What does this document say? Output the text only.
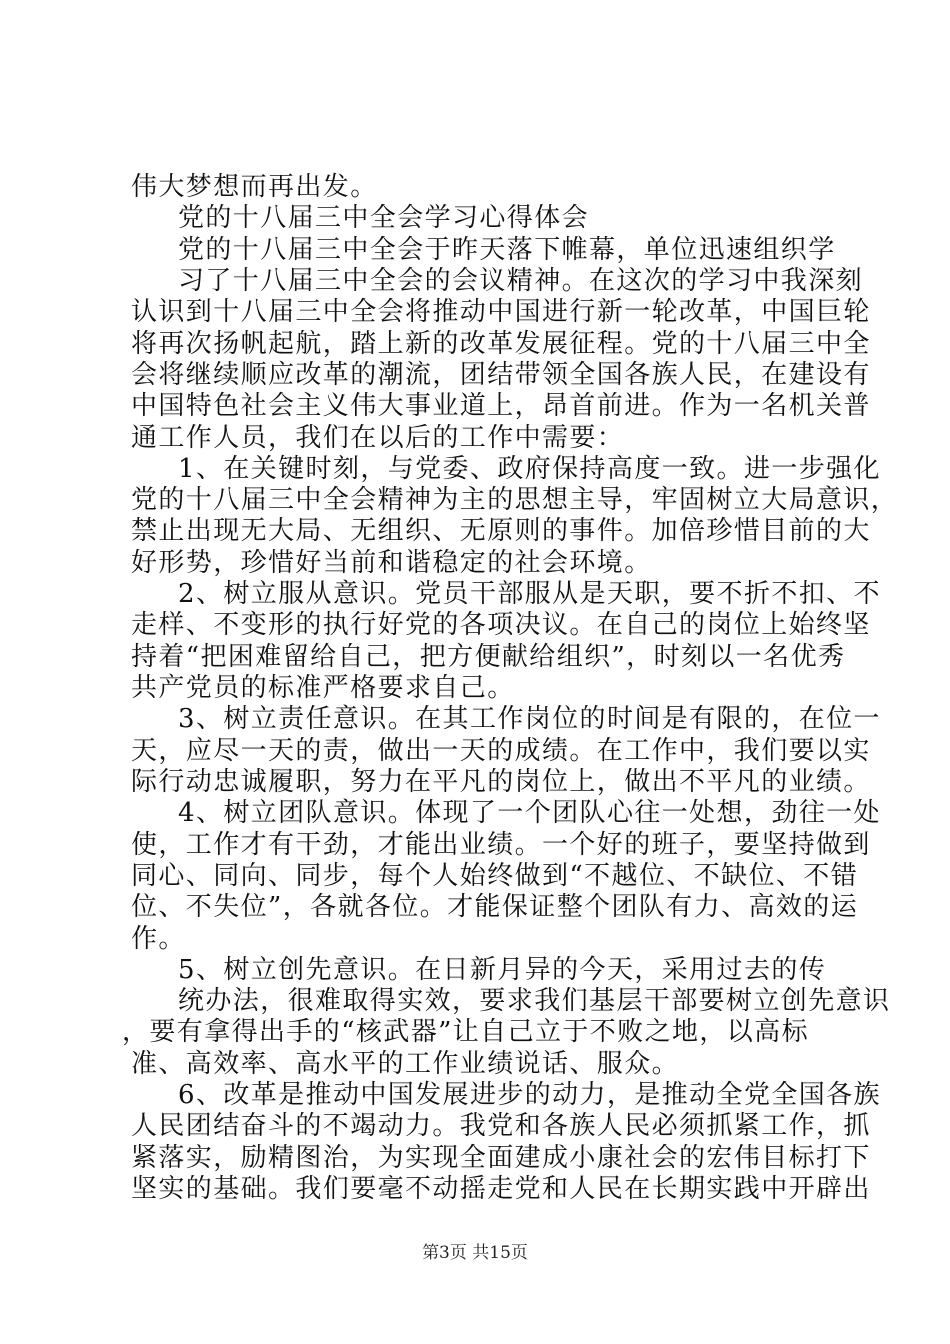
伟大梦想而再出发。
党的十八届三中全会学习心得体会
党的十八届三中全会于昨天落下帷幕，单位迅速组织学
习了十八届三中全会的会议精神。在这次的学习中我深刻
认识到十八届三中全会将推动中国进行新一轮改革，中国巨轮
将再次扬帆起航，踏上新的改革发展征程。党的十八届三中全
会将继续顺应改革的潮流，团结带领全国各族人民，在建设有
中国特色社会主义伟大事业道上，昂首前进。作为一名机关普
通工作人员，我们在以后的工作中需要：
1、在关键时刻，与党委、政府保持高度一致。进一步强化
党的十八届三中全会精神为主的思想主导，牢固树立大局意识，
禁止出现无大局、无组织、无原则的事件。加倍珍惜目前的大
好形势，珍惜好当前和谐稳定的社会环境。
2、树立服从意识。党员干部服从是天职，要不折不扣、不
走样、不变形的执行好党的各项决议。在自己的岗位上始终坚
持着“把困难留给自己，把方便献给组织”，时刻以一名优秀
共产党员的标准严格要求自己。
3、树立责任意识。在其工作岗位的时间是有限的，在位一
天，应尽一天的责，做出一天的成绩。在工作中，我们要以实
际行动忠诚履职，努力在平凡的岗位上，做出不平凡的业绩。
4、树立团队意识。体现了一个团队心往一处想，劲往一处
使，工作才有干劲，才能出业绩。一个好的班子，要坚持做到
同心、同向、同步，每个人始终做到“不越位、不缺位、不错
位、不失位”，各就各位。才能保证整个团队有力、高效的运
作。
5、树立创先意识。在日新月异的今天，采用过去的传
统办法，很难取得实效，要求我们基层干部要树立创先意识
，要有拿得出手的“核武器”让自己立于不败之地，以高标
准、高效率、高水平的工作业绩说话、服众。
6、改革是推动中国发展进步的动力，是推动全党全国各族
人民团结奋斗的不竭动力。我党和各族人民必须抓紧工作，抓
紧落实，励精图治，为实现全面建成小康社会的宏伟目标打下
坚实的基础。我们要毫不动摇走党和人民在长期实践中开辟出
第3页 共15页
